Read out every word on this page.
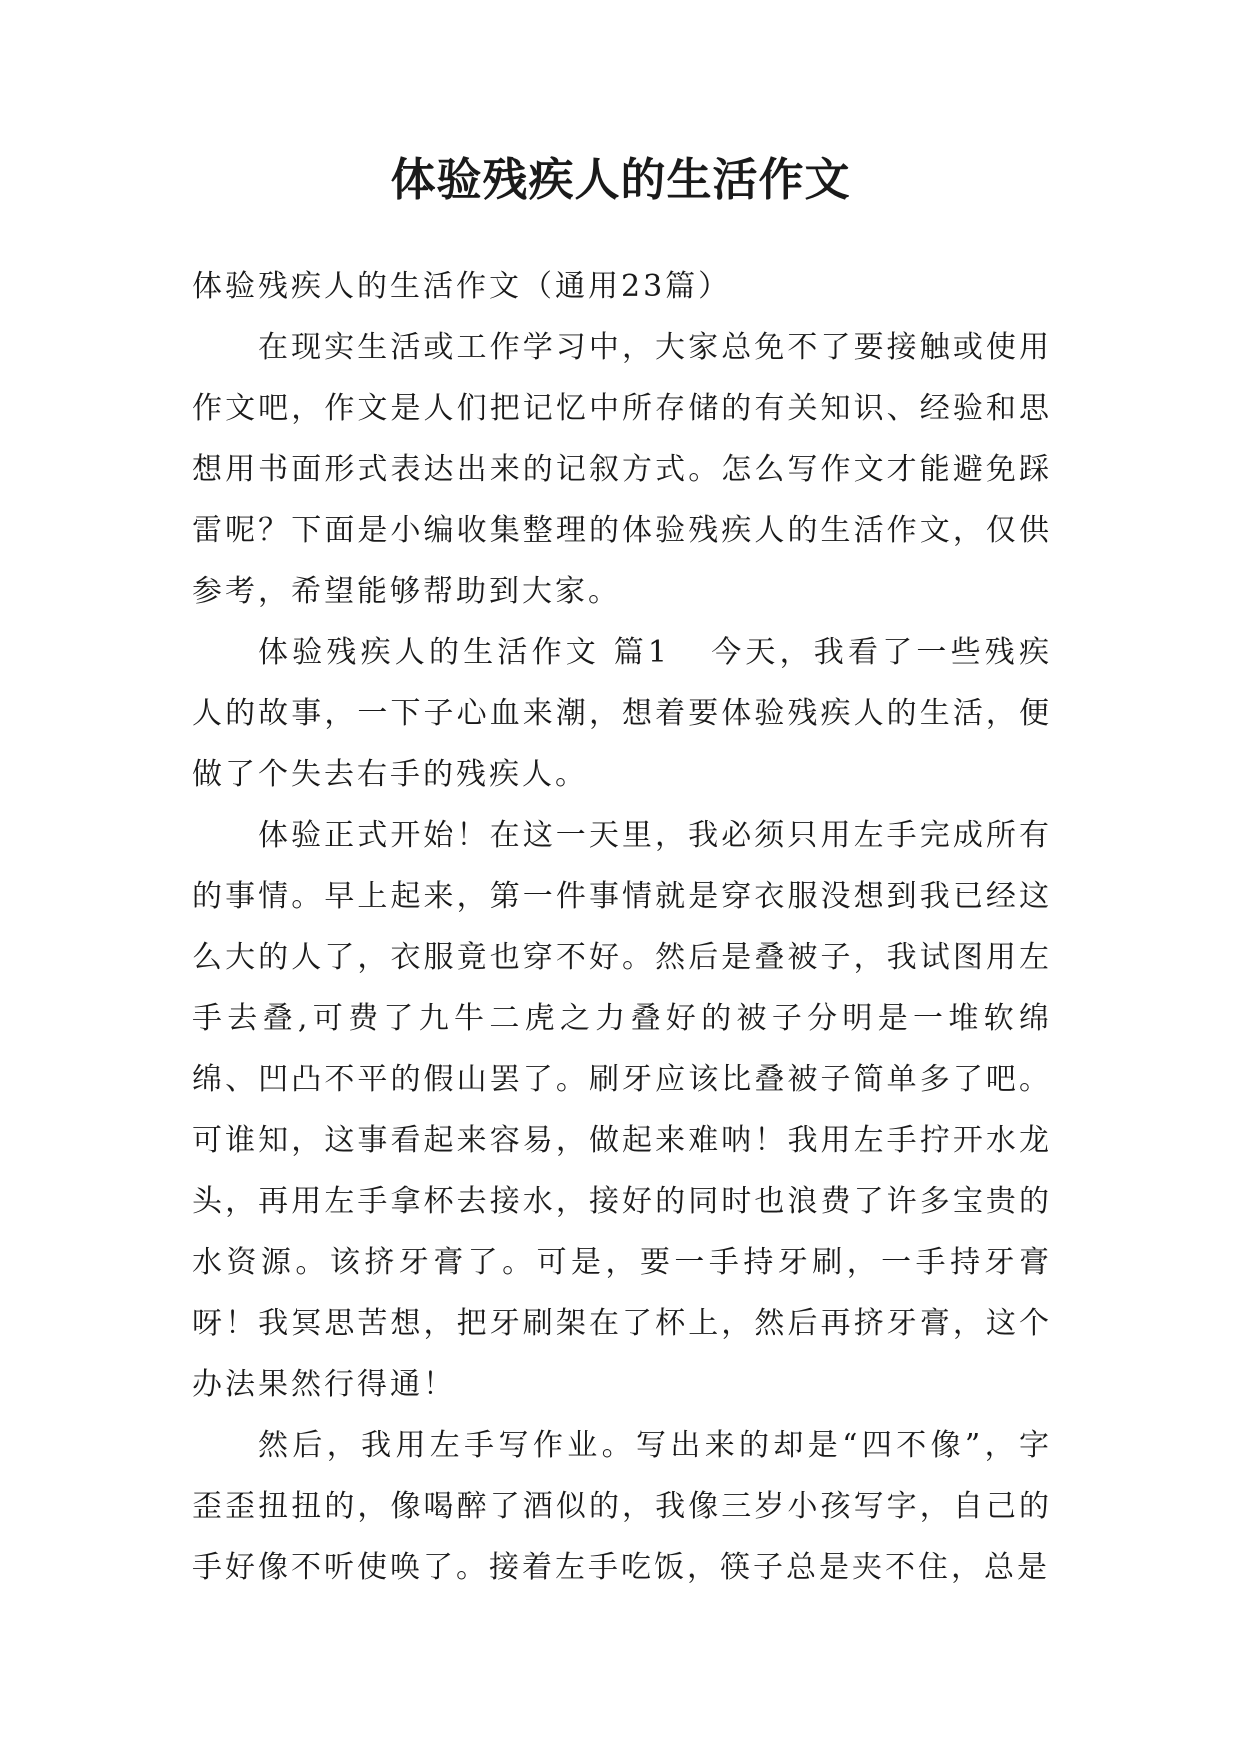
体验残疾人的生活作文

体验残疾人的生活作文（通用23篇）

在现实生活或工作学习中，大家总免不了要接触或使用作文吧，作文是人们把记忆中所存储的有关知识、经验和思想用书面形式表达出来的记叙方式。怎么写作文才能避免踩雷呢？下面是小编收集整理的体验残疾人的生活作文，仅供参考，希望能够帮助到大家。

体验残疾人的生活作文 篇1 今天，我看了一些残疾人的故事，一下子心血来潮，想着要体验残疾人的生活，便做了个失去右手的残疾人。

体验正式开始！在这一天里，我必须只用左手完成所有的事情。早上起来，第一件事情就是穿衣服没想到我已经这么大的人了，衣服竟也穿不好。然后是叠被子，我试图用左手去叠,可费了九牛二虎之力叠好的被子分明是一堆软绵绵、凹凸不平的假山罢了。刷牙应该比叠被子简单多了吧。可谁知，这事看起来容易，做起来难呐！我用左手拧开水龙头，再用左手拿杯去接水，接好的同时也浪费了许多宝贵的水资源。该挤牙膏了。可是，要一手持牙刷，一手持牙膏呀！我冥思苦想，把牙刷架在了杯上，然后再挤牙膏，这个办法果然行得通！

然后，我用左手写作业。写出来的却是“四不像”，字歪歪扭扭的，像喝醉了酒似的，我像三岁小孩写字，自己的手好像不听使唤了。接着左手吃饭，筷子总是夹不住，总是
